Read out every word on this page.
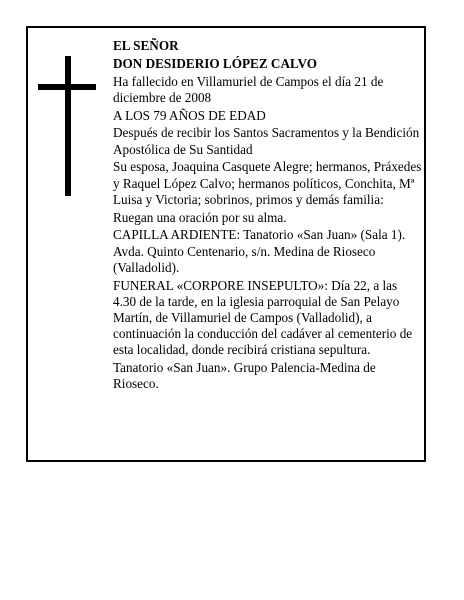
EL SEÑOR

DON DESIDERIO LÓPEZ CALVO

Ha fallecido en Villamuriel de Campos el día 21 de diciembre de 2008

A LOS 79 AÑOS DE EDAD

Después de recibir los Santos Sacramentos y la Bendición Apostólica de Su Santidad

Su esposa, Joaquina Casquete Alegre; hermanos, Práxedes y Raquel López Calvo; hermanos políticos, Conchita, Mª Luisa y Victoria; sobrinos, primos y demás familia:

Ruegan una oración por su alma.

CAPILLA ARDIENTE: Tanatorio «San Juan» (Sala 1). Avda. Quinto Centenario, s/n. Medina de Rioseco (Valladolid).

FUNERAL «CORPORE INSEPULTO»: Día 22, a las 4.30 de la tarde, en la iglesia parroquial de San Pelayo Martín, de Villamuriel de Campos (Valladolid), a continuación la conducción del cadáver al cementerio de esta localidad, donde recibirá cristiana sepultura.

Tanatorio «San Juan». Grupo Palencia-Medina de Rioseco.
